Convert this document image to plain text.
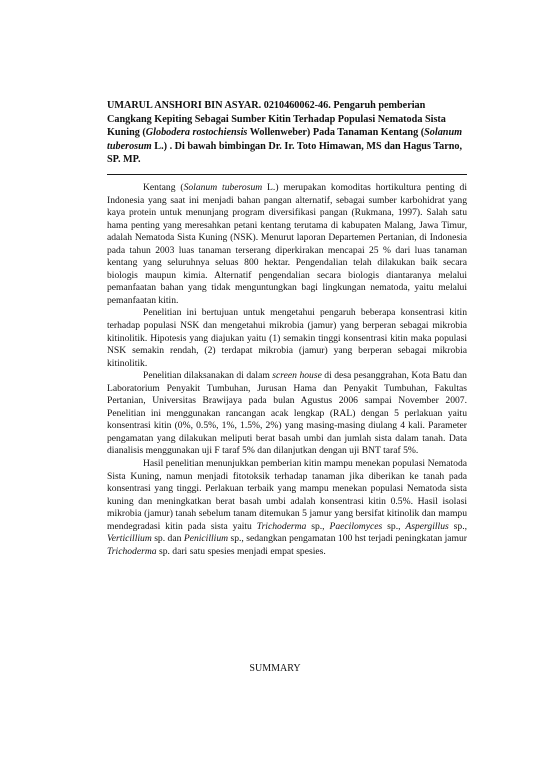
UMARUL ANSHORI BIN ASYAR. 0210460062-46. Pengaruh pemberian Cangkang Kepiting Sebagai Sumber Kitin Terhadap Populasi Nematoda Sista Kuning (Globodera rostochiensis Wollenweber) Pada Tanaman Kentang (Solanum tuberosum L.) . Di bawah bimbingan Dr. Ir. Toto Himawan, MS dan Hagus Tarno, SP. MP.

Kentang (Solanum tuberosum L.) merupakan komoditas hortikultura penting di Indonesia yang saat ini menjadi bahan pangan alternatif, sebagai sumber karbohidrat yang kaya protein untuk menunjang program diversifikasi pangan (Rukmana, 1997). Salah satu hama penting yang meresahkan petani kentang terutama di kabupaten Malang, Jawa Timur, adalah Nematoda Sista Kuning (NSK). Menurut laporan Departemen Pertanian, di Indonesia pada tahun 2003 luas tanaman terserang diperkirakan mencapai 25 % dari luas tanaman kentang yang seluruhnya seluas 800 hektar. Pengendalian telah dilakukan baik secara biologis maupun kimia. Alternatif pengendalian secara biologis diantaranya melalui pemanfaatan bahan yang tidak menguntungkan bagi lingkungan nematoda, yaitu melalui pemanfaatan kitin.

Penelitian ini bertujuan untuk mengetahui pengaruh beberapa konsentrasi kitin terhadap populasi NSK dan mengetahui mikrobia (jamur) yang berperan sebagai mikrobia kitinolitik. Hipotesis yang diajukan yaitu (1) semakin tinggi konsentrasi kitin maka populasi NSK semakin rendah, (2) terdapat mikrobia (jamur) yang berperan sebagai mikrobia kitinolitik.

Penelitian dilaksanakan di dalam screen house di desa pesanggrahan, Kota Batu dan Laboratorium Penyakit Tumbuhan, Jurusan Hama dan Penyakit Tumbuhan, Fakultas Pertanian, Universitas Brawijaya pada bulan Agustus 2006 sampai November 2007. Penelitian ini menggunakan rancangan acak lengkap (RAL) dengan 5 perlakuan yaitu konsentrasi kitin (0%, 0.5%, 1%, 1.5%, 2%) yang masing-masing diulang 4 kali. Parameter pengamatan yang dilakukan meliputi berat basah umbi dan jumlah sista dalam tanah. Data dianalisis menggunakan uji F taraf 5% dan dilanjutkan dengan uji BNT taraf 5%.

Hasil penelitian menunjukkan pemberian kitin mampu menekan populasi Nematoda Sista Kuning, namun menjadi fitotoksik terhadap tanaman jika diberikan ke tanah pada konsentrasi yang tinggi. Perlakuan terbaik yang mampu menekan populasi Nematoda sista kuning dan meningkatkan berat basah umbi adalah konsentrasi kitin 0.5%. Hasil isolasi mikrobia (jamur) tanah sebelum tanam ditemukan 5 jamur yang bersifat kitinolik dan mampu mendegradasi kitin pada sista yaitu Trichoderma sp., Paecilomyces sp., Aspergillus sp., Verticillium sp. dan Penicillium sp., sedangkan pengamatan 100 hst terjadi peningkatan jamur Trichoderma sp. dari satu spesies menjadi empat spesies.

SUMMARY
